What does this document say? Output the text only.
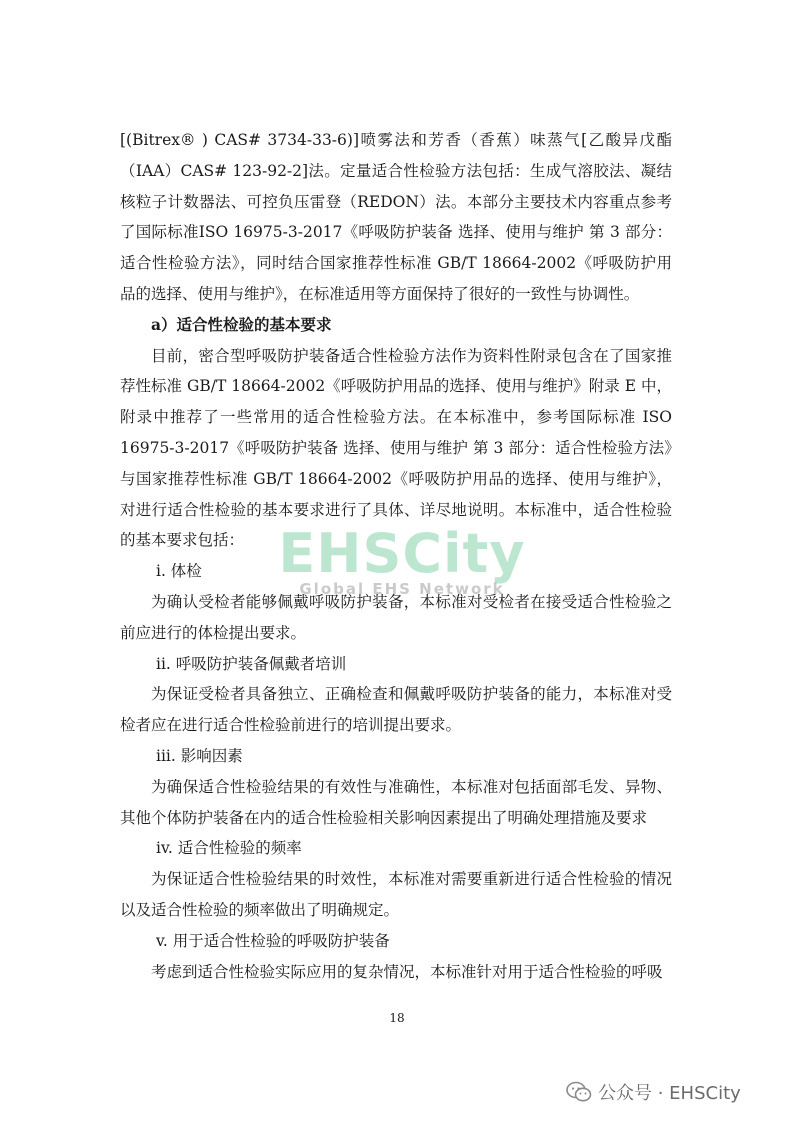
[(Bitrex® ) CAS# 3734-33-6)]喷雾法和芳香（香蕉）味蒸气[乙酸异戊酯（IAA）CAS# 123-92-2]法。定量适合性检验方法包括：生成气溶胶法、凝结核粒子计数器法、可控负压雷登（REDON）法。本部分主要技术内容重点参考了国际标准ISO 16975-3-2017《呼吸防护装备 选择、使用与维护 第 3 部分：适合性检验方法》，同时结合国家推荐性标准 GB/T 18664-2002《呼吸防护用品的选择、使用与维护》，在标准适用等方面保持了很好的一致性与协调性。

a）适合性检验的基本要求

目前，密合型呼吸防护装备适合性检验方法作为资料性附录包含在了国家推荐性标准 GB/T 18664-2002《呼吸防护用品的选择、使用与维护》附录 E 中，附录中推荐了一些常用的适合性检验方法。在本标准中，参考国际标准 ISO 16975-3-2017《呼吸防护装备 选择、使用与维护 第 3 部分：适合性检验方法》与国家推荐性标准 GB/T 18664-2002《呼吸防护用品的选择、使用与维护》，对进行适合性检验的基本要求进行了具体、详尽地说明。本标准中，适合性检验的基本要求包括：

i. 体检

为确认受检者能够佩戴呼吸防护装备，本标准对受检者在接受适合性检验之前应进行的体检提出要求。

ii. 呼吸防护装备佩戴者培训

为保证受检者具备独立、正确检查和佩戴呼吸防护装备的能力，本标准对受检者应在进行适合性检验前进行的培训提出要求。

iii. 影响因素

为确保适合性检验结果的有效性与准确性，本标准对包括面部毛发、异物、其他个体防护装备在内的适合性检验相关影响因素提出了明确处理措施及要求

iv. 适合性检验的频率

为保证适合性检验结果的时效性，本标准对需要重新进行适合性检验的情况以及适合性检验的频率做出了明确规定。

v. 用于适合性检验的呼吸防护装备

考虑到适合性检验实际应用的复杂情况，本标准针对用于适合性检验的呼吸

EHSCity
Global EHS Network
18
公众号 · EHSCity
